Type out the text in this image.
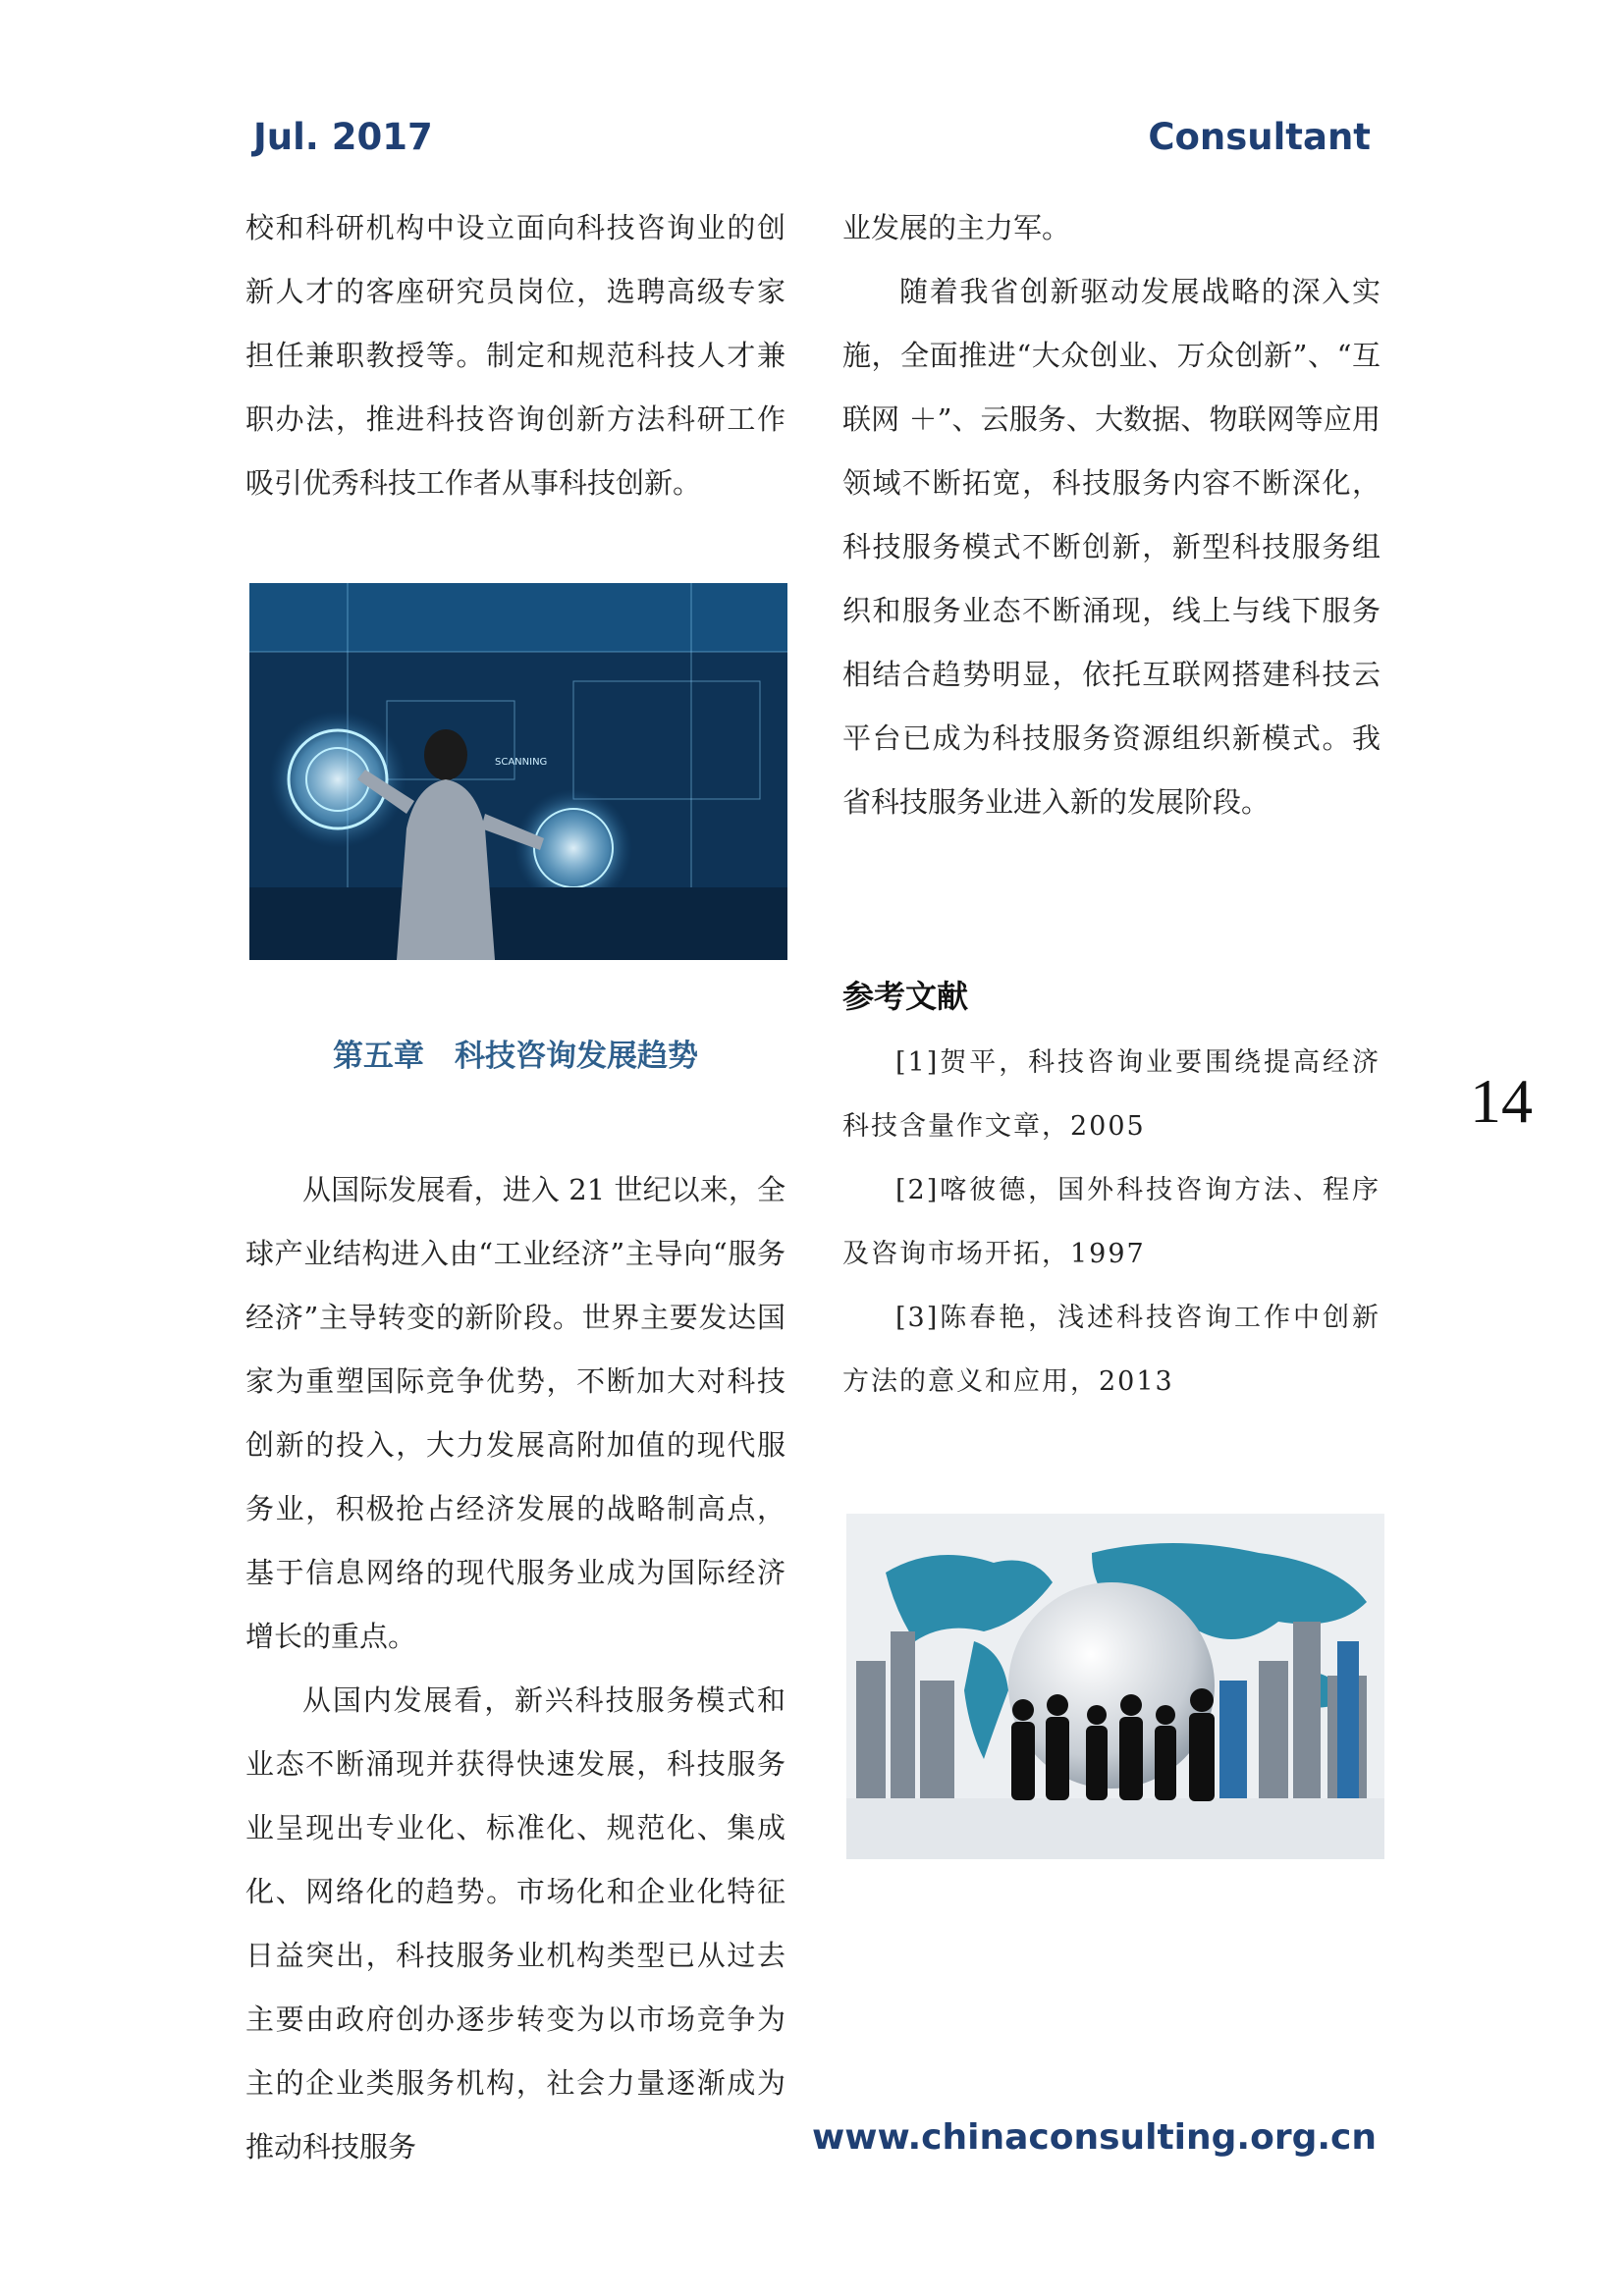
Jul. 2017	Consultant

校和科研机构中设立面向科技咨询业的创新人才的客座研究员岗位，选聘高级专家担任兼职教授等。制定和规范科技人才兼职办法，推进科技咨询创新方法科研工作吸引优秀科技工作者从事科技创新。

SCANNING
第五章　科技咨询发展趋势

从国际发展看，进入 21 世纪以来，全球产业结构进入由“工业经济”主导向“服务经济”主导转变的新阶段。世界主要发达国家为重塑国际竞争优势，不断加大对科技创新的投入，大力发展高附加值的现代服务业，积极抢占经济发展的战略制高点，基于信息网络的现代服务业成为国际经济增长的重点。

从国内发展看，新兴科技服务模式和业态不断涌现并获得快速发展，科技服务业呈现出专业化、标准化、规范化、集成化、网络化的趋势。市场化和企业化特征日益突出，科技服务业机构类型已从过去主要由政府创办逐步转变为以市场竞争为主的企业类服务机构，社会力量逐渐成为推动科技服务

业发展的主力军。

随着我省创新驱动发展战略的深入实施，全面推进“大众创业、万众创新”、“互联网 ＋”、云服务、大数据、物联网等应用领域不断拓宽，科技服务内容不断深化，科技服务模式不断创新，新型科技服务组织和服务业态不断涌现，线上与线下服务相结合趋势明显，依托互联网搭建科技云平台已成为科技服务资源组织新模式。我省科技服务业进入新的发展阶段。

参考文献

[1]贺平，科技咨询业要围绕提高经济科技含量作文章，2005

[2]喀彼德，国外科技咨询方法、程序及咨询市场开拓，1997

[3]陈春艳，浅述科技咨询工作中创新方法的意义和应用，2013

14
www.chinaconsulting.org.cn
